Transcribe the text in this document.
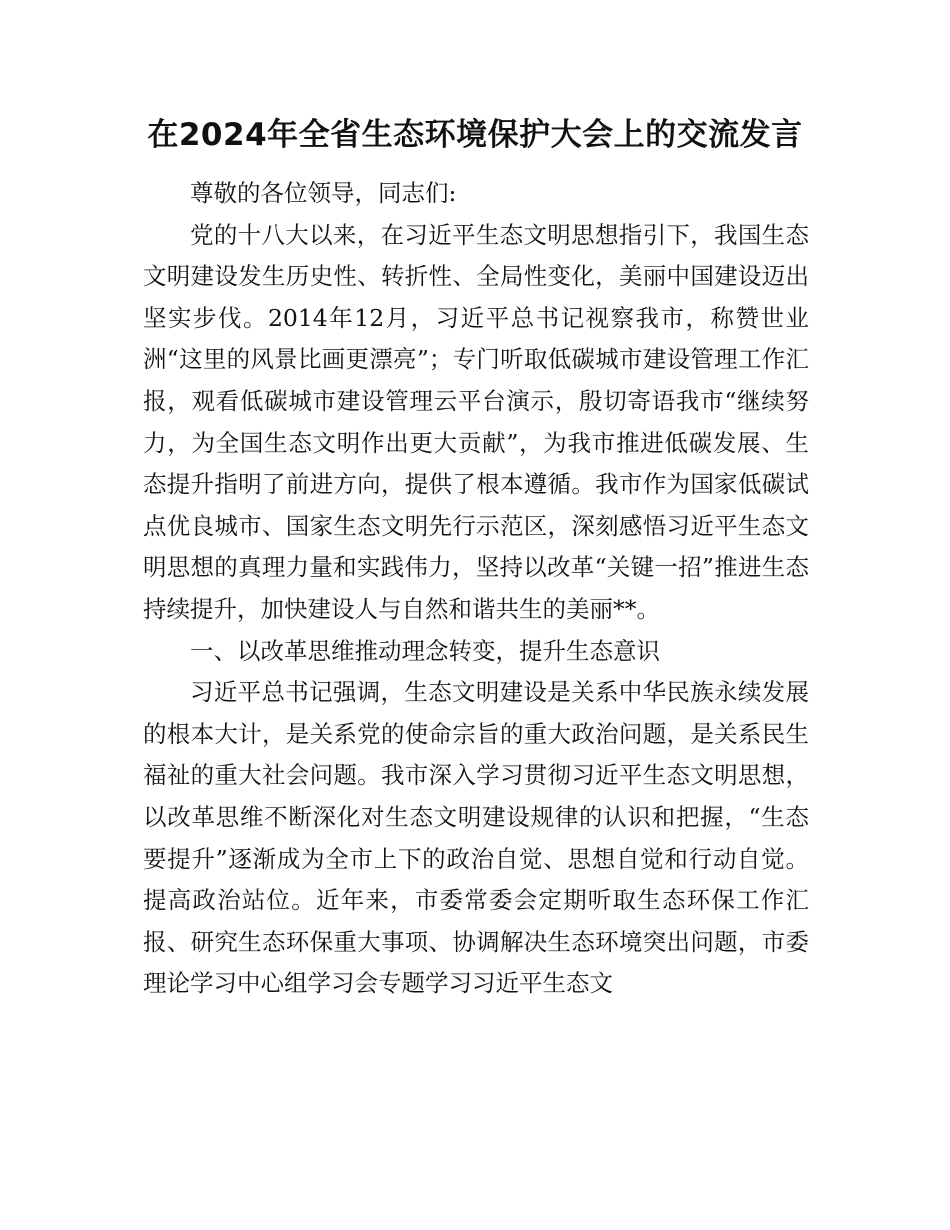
在2024年全省生态环境保护大会上的交流发言

尊敬的各位领导，同志们:

党的十八大以来，在习近平生态文明思想指引下，我国生态文明建设发生历史性、转折性、全局性变化，美丽中国建设迈出坚实步伐。2014年12月，习近平总书记视察我市，称赞世业洲“这里的风景比画更漂亮”；专门听取低碳城市建设管理工作汇报，观看低碳城市建设管理云平台演示，殷切寄语我市“继续努力，为全国生态文明作出更大贡献”，为我市推进低碳发展、生态提升指明了前进方向，提供了根本遵循。我市作为国家低碳试点优良城市、国家生态文明先行示范区，深刻感悟习近平生态文明思想的真理力量和实践伟力，坚持以改革“关键一招”推进生态持续提升，加快建设人与自然和谐共生的美丽**。

一、以改革思维推动理念转变，提升生态意识

习近平总书记强调，生态文明建设是关系中华民族永续发展的根本大计，是关系党的使命宗旨的重大政治问题，是关系民生福祉的重大社会问题。我市深入学习贯彻习近平生态文明思想，以改革思维不断深化对生态文明建设规律的认识和把握，“生态要提升”逐渐成为全市上下的政治自觉、思想自觉和行动自觉。提高政治站位。近年来，市委常委会定期听取生态环保工作汇报、研究生态环保重大事项、协调解决生态环境突出问题，市委理论学习中心组学习会专题学习习近平生态文
